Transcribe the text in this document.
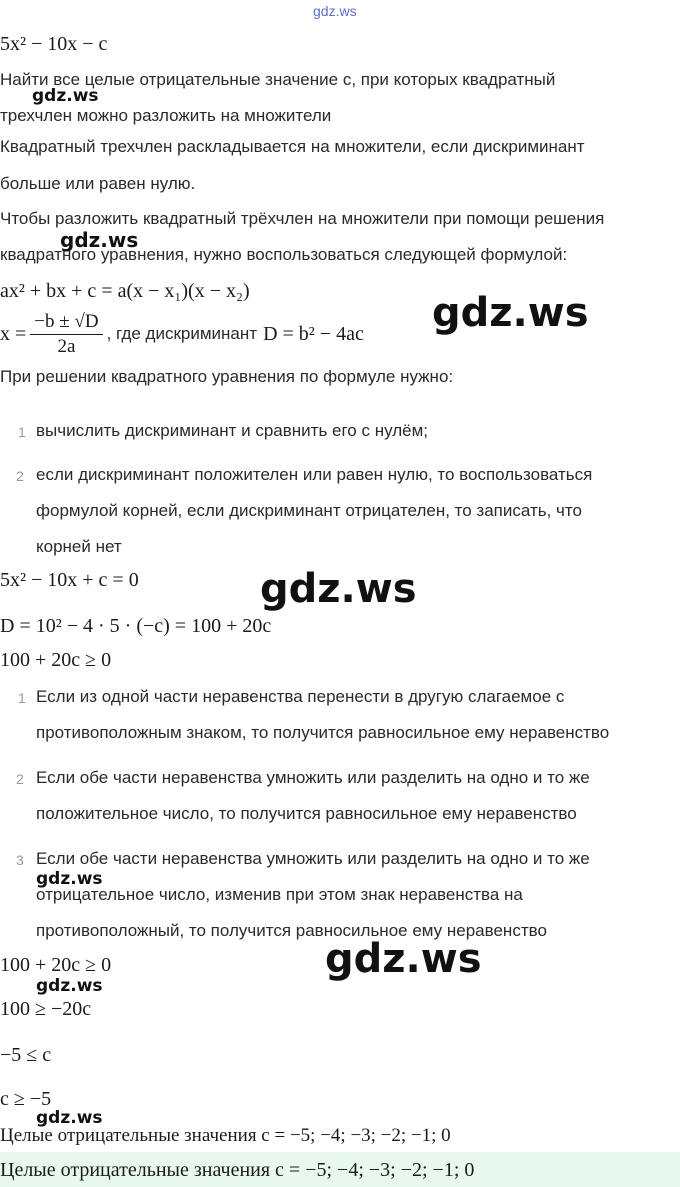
gdz.ws
gdz.ws
gdz.ws
gdz.ws
gdz.ws
gdz.ws
gdz.ws
gdz.ws
gdz.ws
5x² − 10x − c
Найти все целые отрицательные значение c, при которых квадратный
трехчлен можно разложить на множители
Квадратный трехчлен раскладывается на множители, если дискриминант
больше или равен нулю.
Чтобы разложить квадратный трёхчлен на множители при помощи решения
квадратного уравнения, нужно воспользоваться следующей формулой:
ax² + bx + c = a(x − x₁)(x − x₂)
$x = \frac{-b \pm √D}{2a}$ , где дискриминант D = b² − 4ac
При решении квадратного уравнения по формуле нужно:
1 вычислить дискриминант и сравнить его с нулём;
2 если дискриминант положителен или равен нулю, то воспользоваться
формулой корней, если дискриминант отрицателен, то записать, что
корней нет
5x² − 10x + c = 0
D = 10² − 4 · 5 · (−c) = 100 + 20c
100 + 20c ≥ 0
1 Если из одной части неравенства перенести в другую слагаемое с
противоположным знаком, то получится равносильное ему неравенство
2 Если обе части неравенства умножить или разделить на одно и то же
положительное число, то получится равносильное ему неравенство
3 Если обе части неравенства умножить или разделить на одно и то же
отрицательное число, изменив при этом знак неравенства на
противоположный, то получится равносильное ему неравенство
100 + 20c ≥ 0
100 ≥ −20c
−5 ≤ c
c ≥ −5
Целые отрицательные значения c = −5; −4; −3; −2; −1; 0
Целые отрицательные значения c = −5; −4; −3; −2; −1; 0
